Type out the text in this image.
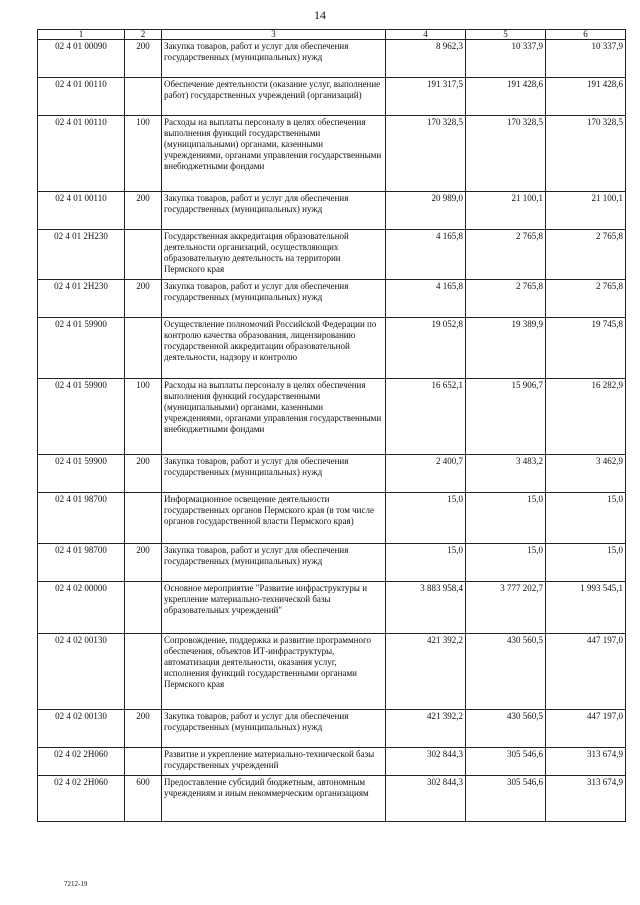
14
1	2	3	4	5	6
02 4 01 00090	200	Закупка товаров, работ и услуг для обеспечения государственных (муниципальных) нужд	8 962,3	10 337,9	10 337,9
02 4 01 00110		Обеспечение деятельности (оказание услуг, выполнение работ) государственных учреждений (организаций)	191 317,5	191 428,6	191 428,6
02 4 01 00110	100	Расходы на выплаты персоналу в целях обеспечения выполнения функций государственными (муниципальными) органами, казенными учреждениями, органами управления государственными внебюджетными фондами	170 328,5	170 328,5	170 328,5
02 4 01 00110	200	Закупка товаров, работ и услуг для обеспечения государственных (муниципальных) нужд	20 989,0	21 100,1	21 100,1
02 4 01 2Н230		Государственная аккредитация образовательной деятельности организаций, осуществляющих образовательную деятельность на территории Пермского края	4 165,8	2 765,8	2 765,8
02 4 01 2Н230	200	Закупка товаров, работ и услуг для обеспечения государственных (муниципальных) нужд	4 165,8	2 765,8	2 765,8
02 4 01 59900		Осуществление полномочий Российской Федерации по контролю качества образования, лицензированию государственной аккредитации образовательной деятельности, надзору и контролю	19 052,8	19 389,9	19 745,8
02 4 01 59900	100	Расходы на выплаты персоналу в целях обеспечения выполнения функций государственными (муниципальными) органами, казенными учреждениями, органами управления государственными внебюджетными фондами	16 652,1	15 906,7	16 282,9
02 4 01 59900	200	Закупка товаров, работ и услуг для обеспечения государственных (муниципальных) нужд	2 400,7	3 483,2	3 462,9
02 4 01 98700		Информационное освещение деятельности государственных органов Пермского края (в том числе органов государственной власти Пермского края)	15,0	15,0	15,0
02 4 01 98700	200	Закупка товаров, работ и услуг для обеспечения государственных (муниципальных) нужд	15,0	15,0	15,0
02 4 02 00000		Основное мероприятие "Развитие инфраструктуры и укрепление материально-технической базы образовательных учреждений"	3 883 958,4	3 777 202,7	1 993 545,1
02 4 02 00130		Сопровождение, поддержка и развитие программного обеспечения, объектов ИТ-инфраструктуры, автоматизация деятельности, оказания услуг, исполнения функций государственными органами Пермского края	421 392,2	430 560,5	447 197,0
02 4 02 00130	200	Закупка товаров, работ и услуг для обеспечения государственных (муниципальных) нужд	421 392,2	430 560,5	447 197,0
02 4 02 2Н060		Развитие и укрепление материально-технической базы государственных учреждений	302 844,3	305 546,6	313 674,9
02 4 02 2Н060	600	Предоставление субсидий бюджетным, автономным учреждениям и иным некоммерческим организациям	302 844,3	305 546,6	313 674,9
7212-19
